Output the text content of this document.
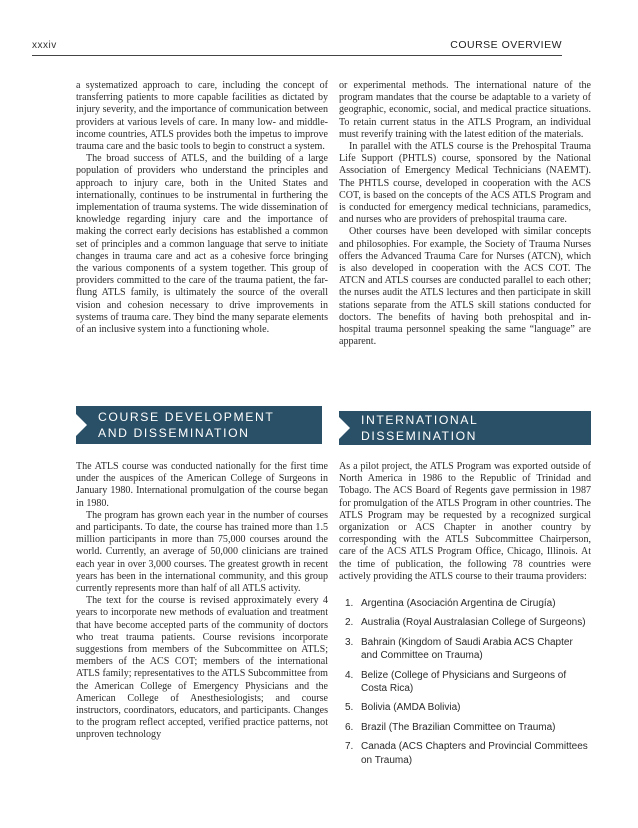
xxxiv	COURSE OVERVIEW

a systematized approach to care, including the concept of transferring patients to more capable facilities as dictated by injury severity, and the importance of communication between providers at various levels of care. In many low- and middle-income countries, ATLS provides both the impetus to improve trauma care and the basic tools to begin to construct a system.

The broad success of ATLS, and the building of a large population of providers who understand the principles and approach to injury care, both in the United States and internationally, continues to be instrumental in furthering the implementation of trauma systems. The wide dissemination of knowledge regarding injury care and the importance of making the correct early decisions has established a common set of principles and a common language that serve to initiate changes in trauma care and act as a cohesive force bringing the various components of a system together. This group of providers committed to the care of the trauma patient, the far-flung ATLS family, is ultimately the source of the overall vision and cohesion necessary to drive improvements in systems of trauma care. They bind the many separate elements of an inclusive system into a functioning whole.

or experimental methods. The international nature of the program mandates that the course be adaptable to a variety of geographic, economic, social, and medical practice situations. To retain current status in the ATLS Program, an individual must reverify training with the latest edition of the materials.

In parallel with the ATLS course is the Prehospital Trauma Life Support (PHTLS) course, sponsored by the National Association of Emergency Medical Technicians (NAEMT). The PHTLS course, developed in cooperation with the ACS COT, is based on the concepts of the ACS ATLS Program and is conducted for emergency medical technicians, paramedics, and nurses who are providers of prehospital trauma care.

Other courses have been developed with similar concepts and philosophies. For example, the Society of Trauma Nurses offers the Advanced Trauma Care for Nurses (ATCN), which is also developed in cooperation with the ACS COT. The ATCN and ATLS courses are conducted parallel to each other; the nurses audit the ATLS lectures and then participate in skill stations separate from the ATLS skill stations conducted for doctors. The benefits of having both prehospital and in-hospital trauma personnel speaking the same “language” are apparent.

COURSE DEVELOPMENT
AND DISSEMINATION
INTERNATIONAL DISSEMINATION

The ATLS course was conducted nationally for the first time under the auspices of the American College of Surgeons in January 1980. International promulgation of the course began in 1980.

The program has grown each year in the number of courses and participants. To date, the course has trained more than 1.5 million participants in more than 75,000 courses around the world. Currently, an average of 50,000 clinicians are trained each year in over 3,000 courses. The greatest growth in recent years has been in the international community, and this group currently represents more than half of all ATLS activity.

The text for the course is revised approximately every 4 years to incorporate new methods of evaluation and treatment that have become accepted parts of the community of doctors who treat trauma patients. Course revisions incorporate suggestions from members of the Subcommittee on ATLS; members of the ACS COT; members of the international ATLS family; representatives to the ATLS Subcommittee from the American College of Emergency Physicians and the American College of Anesthesiologists; and course instructors, coordinators, educators, and participants. Changes to the program reflect accepted, verified practice patterns, not unproven technology

As a pilot project, the ATLS Program was exported outside of North America in 1986 to the Republic of Trinidad and Tobago. The ACS Board of Regents gave permission in 1987 for promulgation of the ATLS Program in other countries. The ATLS Program may be requested by a recognized surgical organization or ACS Chapter in another country by corresponding with the ATLS Subcommittee Chairperson, care of the ACS ATLS Program Office, Chicago, Illinois. At the time of publication, the following 78 countries were actively providing the ATLS course to their trauma providers:

1. Argentina (Asociación Argentina de Cirugía)
2. Australia (Royal Australasian College of Surgeons)
3. Bahrain (Kingdom of Saudi Arabia ACS Chapter and Committee on Trauma)
4. Belize (College of Physicians and Surgeons of Costa Rica)
5. Bolivia (AMDA Bolivia)
6. Brazil (The Brazilian Committee on Trauma)
7. Canada (ACS Chapters and Provincial Committees on Trauma)
